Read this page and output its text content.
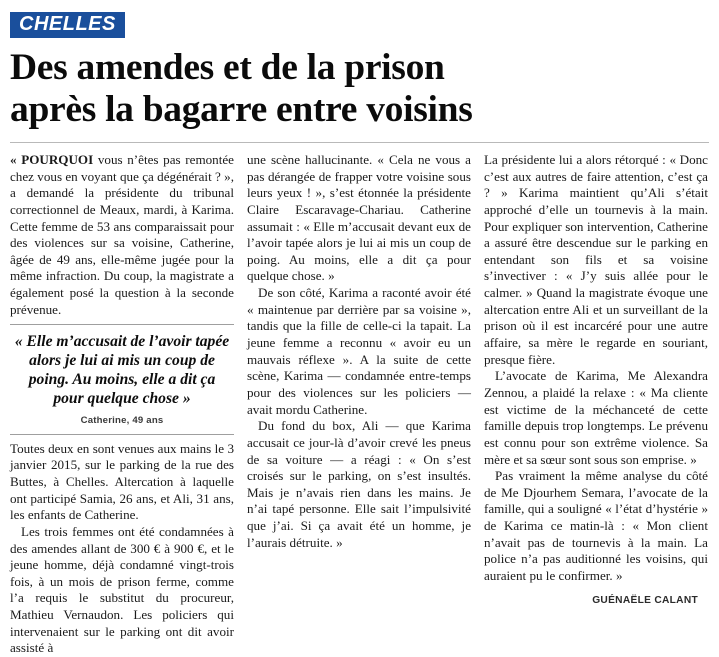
CHELLES
Des amendes et de la prison
après la bagarre entre voisins

« POURQUOI vous n’êtes pas remontée chez vous en voyant que ça dégénérait ? », a demandé la présidente du tribunal correctionnel de Meaux, mardi, à Karima. Cette femme de 53 ans comparaissait pour des violences sur sa voisine, Catherine, âgée de 49 ans, elle-même jugée pour la même infraction. Du coup, la magistrate a également posé la question à la seconde prévenue.

« Elle m’accusait de l’avoir tapée alors je lui ai mis un coup de poing. Au moins, elle a dit ça pour quelque chose »
Catherine, 49 ans

Toutes deux en sont venues aux mains le 3 janvier 2015, sur le parking de la rue des Buttes, à Chelles. Altercation à laquelle ont participé Samia, 26 ans, et Ali, 31 ans, les enfants de Catherine.

Les trois femmes ont été condamnées à des amendes allant de 300 € à 900 €, et le jeune homme, déjà condamné vingt-trois fois, à un mois de prison ferme, comme l’a requis le substitut du procureur, Mathieu Vernaudon. Les policiers qui intervenaient sur le parking ont dit avoir assisté à

une scène hallucinante. « Cela ne vous a pas dérangée de frapper votre voisine sous leurs yeux ! », s’est étonnée la présidente Claire Escaravage-Chariau. Catherine assumait : « Elle m’accusait devant eux de l’avoir tapée alors je lui ai mis un coup de poing. Au moins, elle a dit ça pour quelque chose. »

De son côté, Karima a raconté avoir été « maintenue par derrière par sa voisine », tandis que la fille de celle-ci la tapait. La jeune femme a reconnu « avoir eu un mauvais réflexe ». A la suite de cette scène, Karima — condamnée entre-temps pour des violences sur les policiers — avait mordu Catherine.

Du fond du box, Ali — que Karima accusait ce jour-là d’avoir crevé les pneus de sa voiture — a réagi : « On s’est croisés sur le parking, on s’est insultés. Mais je n’avais rien dans les mains. Je n’ai tapé personne. Elle sait l’impulsivité que j’ai. Si ça avait été un homme, je l’aurais détruite. »

La présidente lui a alors rétorqué : « Donc c’est aux autres de faire attention, c’est ça ? » Karima maintient qu’Ali s’était approché d’elle un tournevis à la main. Pour expliquer son intervention, Catherine a assuré être descendue sur le parking en entendant son fils et sa voisine s’invectiver : « J’y suis allée pour le calmer. » Quand la magistrate évoque une altercation entre Ali et un surveillant de la prison où il est incarcéré pour une autre affaire, sa mère le regarde en souriant, presque fière.

L’avocate de Karima, Me Alexandra Zennou, a plaidé la relaxe : « Ma cliente est victime de la méchanceté de cette famille depuis trop longtemps. Le prévenu est connu pour son extrême violence. Sa mère et sa sœur sont sous son emprise. »

Pas vraiment la même analyse du côté de Me Djourhem Semara, l’avocate de la famille, qui a souligné « l’état d’hystérie » de Karima ce matin-là : « Mon client n’avait pas de tournevis à la main. La police n’a pas auditionné les voisins, qui auraient pu le confirmer. »

GUÉNAËLE CALANT
